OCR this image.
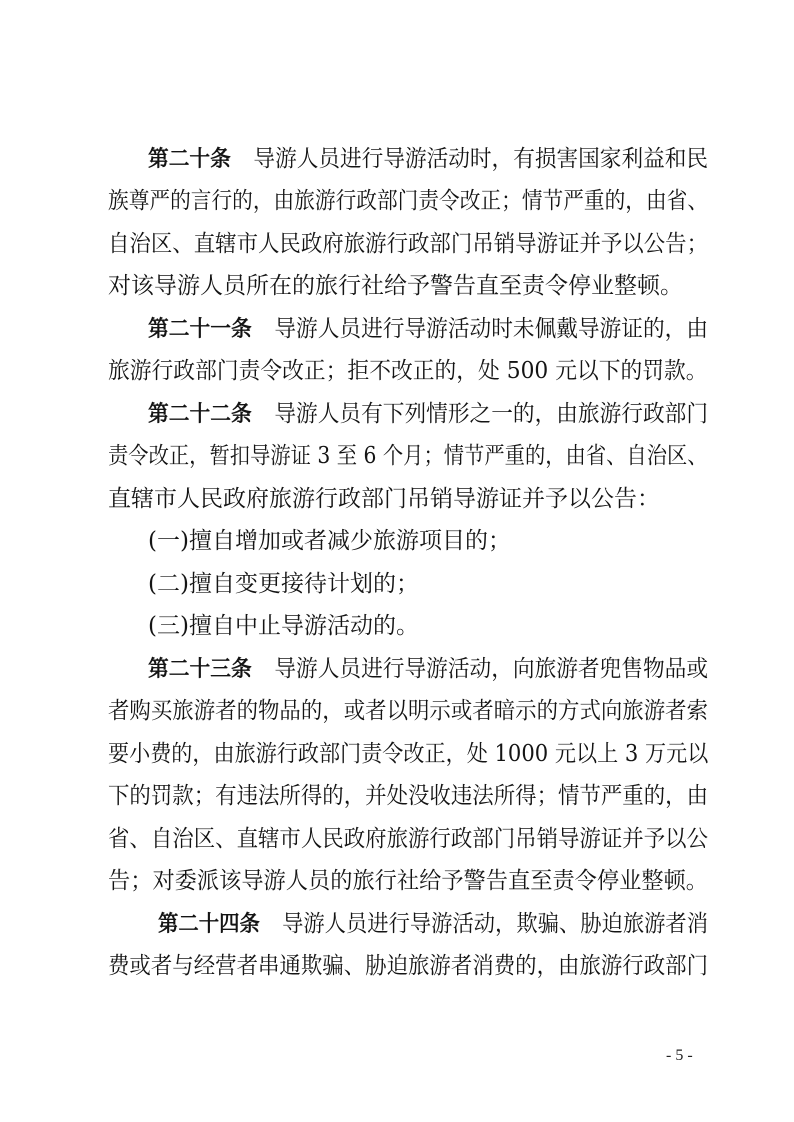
第二十条 导游人员进行导游活动时，有损害国家利益和民
族尊严的言行的，由旅游行政部门责令改正；情节严重的，由省、
自治区、直辖市人民政府旅游行政部门吊销导游证并予以公告；
对该导游人员所在的旅行社给予警告直至责令停业整顿。
第二十一条 导游人员进行导游活动时未佩戴导游证的，由
旅游行政部门责令改正；拒不改正的，处 500 元以下的罚款。
第二十二条 导游人员有下列情形之一的，由旅游行政部门
责令改正，暂扣导游证 3 至 6 个月；情节严重的，由省、自治区、
直辖市人民政府旅游行政部门吊销导游证并予以公告：
(一)擅自增加或者减少旅游项目的；
(二)擅自变更接待计划的；
(三)擅自中止导游活动的。
第二十三条 导游人员进行导游活动，向旅游者兜售物品或
者购买旅游者的物品的，或者以明示或者暗示的方式向旅游者索
要小费的，由旅游行政部门责令改正，处 1000 元以上 3 万元以
下的罚款；有违法所得的，并处没收违法所得；情节严重的，由
省、自治区、直辖市人民政府旅游行政部门吊销导游证并予以公
告；对委派该导游人员的旅行社给予警告直至责令停业整顿。
第二十四条 导游人员进行导游活动，欺骗、胁迫旅游者消
费或者与经营者串通欺骗、胁迫旅游者消费的，由旅游行政部门
- 5 -
